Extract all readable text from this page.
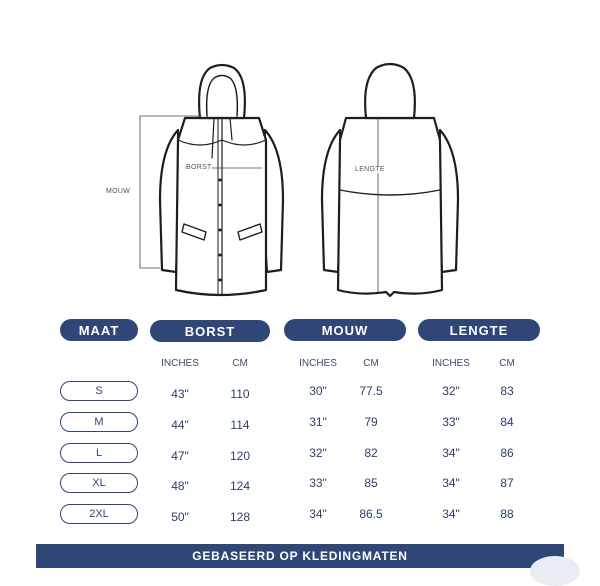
MOUW
BORST	LENGTE
MAAT	BORST	MOUW	LENGTE
INCHES	CM	INCHES	CM	INCHES	CM
S	43"	110	30"	77.5	32"	83
M	44"	114	31"	79	33"	84
L	47"	120	32"	82	34"	86
XL	48"	124	33"	85	34"	87
2XL	50"	128	34"	86.5	34"	88
GEBASEERD OP KLEDINGMATEN
